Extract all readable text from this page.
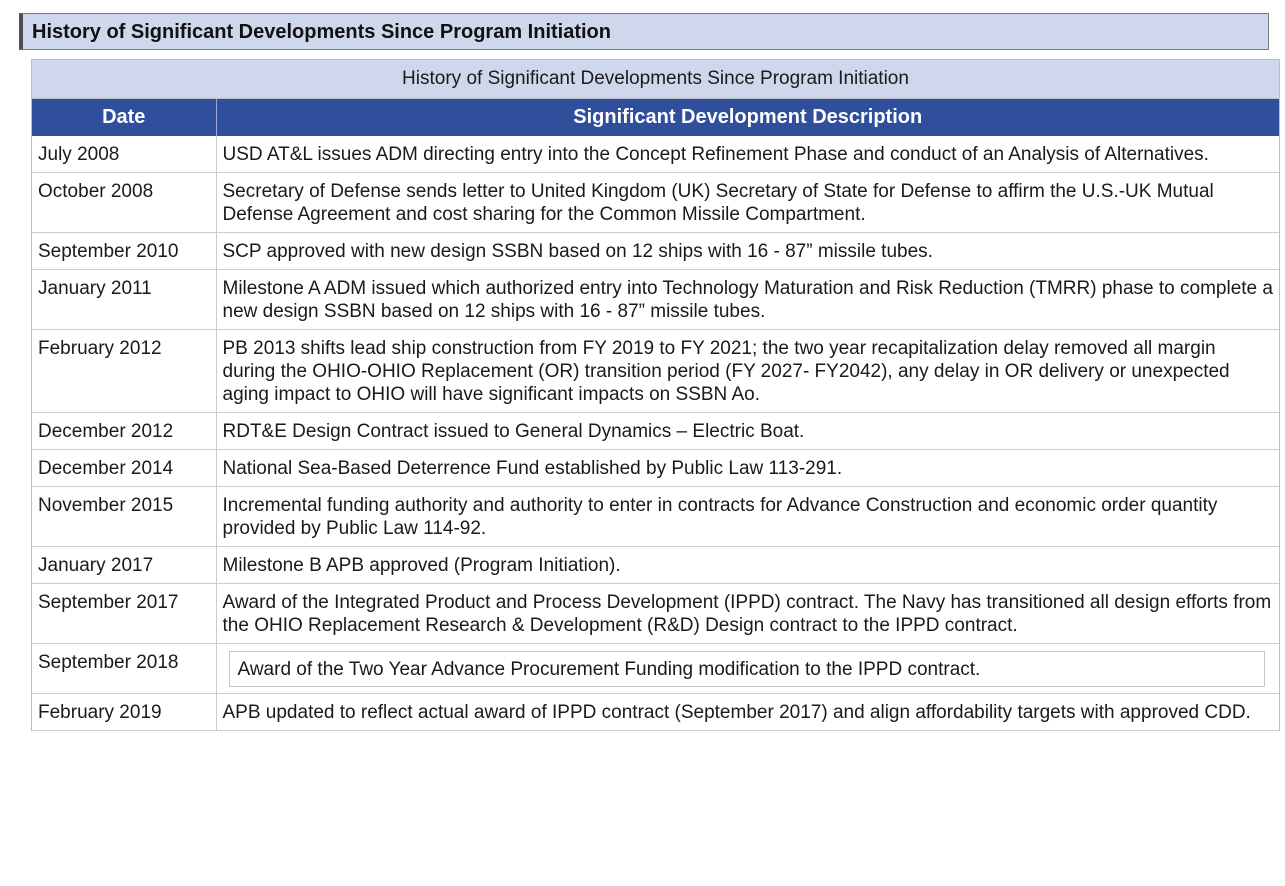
History of Significant Developments Since Program Initiation
History of Significant Developments Since Program Initiation	
Date	Significant Development Description
July 2008	USD AT&L issues ADM directing entry into the Concept Refinement Phase and conduct of an Analysis of Alternatives.
October 2008	Secretary of Defense sends letter to United Kingdom (UK) Secretary of State for Defense to affirm the U.S.-UK Mutual Defense Agreement and cost sharing for the Common Missile Compartment.
September 2010	SCP approved with new design SSBN based on 12 ships with 16 - 87” missile tubes.
January 2011	Milestone A ADM issued which authorized entry into Technology Maturation and Risk Reduction (TMRR) phase to complete a new design SSBN based on 12 ships with 16 - 87” missile tubes.
February 2012	PB 2013 shifts lead ship construction from FY 2019 to FY 2021; the two year recapitalization delay removed all margin during the OHIO-OHIO Replacement (OR) transition period (FY 2027- FY2042), any delay in OR delivery or unexpected aging impact to OHIO will have significant impacts on SSBN Ao.
December 2012	RDT&E Design Contract issued to General Dynamics – Electric Boat.
December 2014	National Sea-Based Deterrence Fund established by Public Law 113-291.
November 2015	Incremental funding authority and authority to enter in contracts for Advance Construction and economic order quantity provided by Public Law 114-92.
January 2017	Milestone B APB approved (Program Initiation).
September 2017	Award of the Integrated Product and Process Development (IPPD) contract. The Navy has transitioned all design efforts from the OHIO Replacement Research & Development (R&D) Design contract to the IPPD contract.
September 2018	Award of the Two Year Advance Procurement Funding modification to the IPPD contract.

February 2019	APB updated to reflect actual award of IPPD contract (September 2017) and align affordability targets with approved CDD.
